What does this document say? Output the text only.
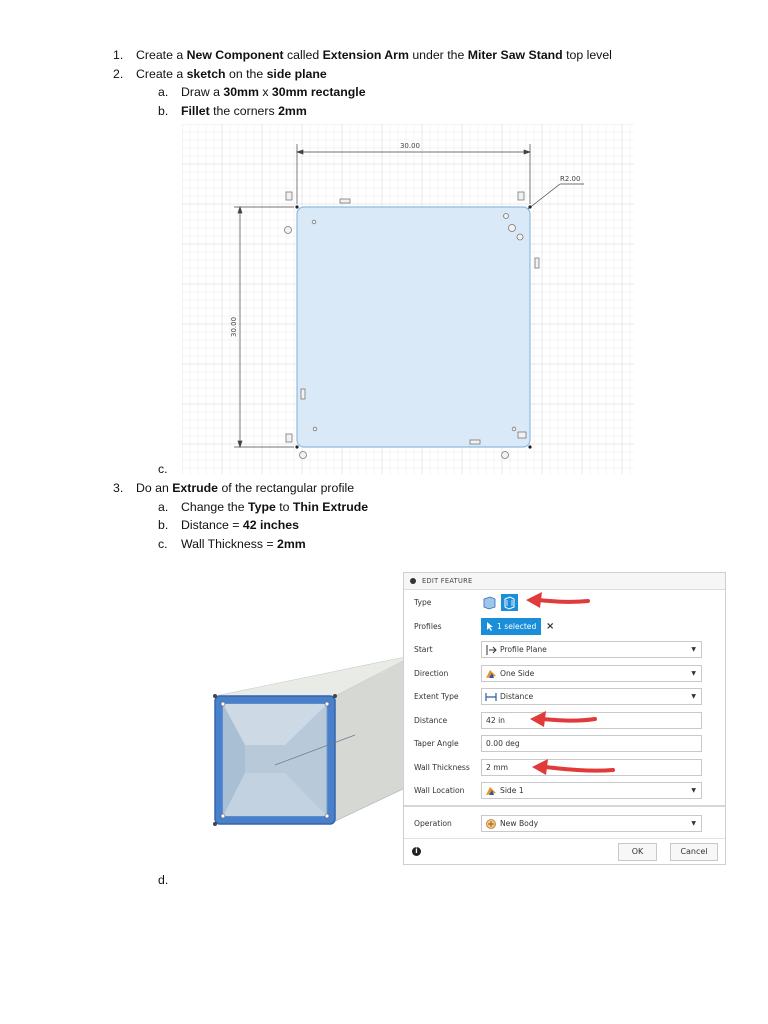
1. Create a New Component called Extension Arm under the Miter Saw Stand top level
2. Create a sketch on the side plane
a. Draw a 30mm x 30mm rectangle
b. Fillet the corners 2mm
c.
3. Do an Extrude of the rectangular profile
a. Change the Type to Thin Extrude
b. Distance = 42 inches
c. Wall Thickness = 2mm
d.
30.00
30.00
R2.00
EDIT FEATURE
Type
Profiles	1 selected ×
Start	Profile Plane	▼
Direction	One Side	▼
Extent Type	Distance	▼
Distance	42 in
Taper Angle	0.00 deg
Wall Thickness 2 mm
Wall Location	Side 1	▼
Operation	New Body	▼
i	OK	Cancel
